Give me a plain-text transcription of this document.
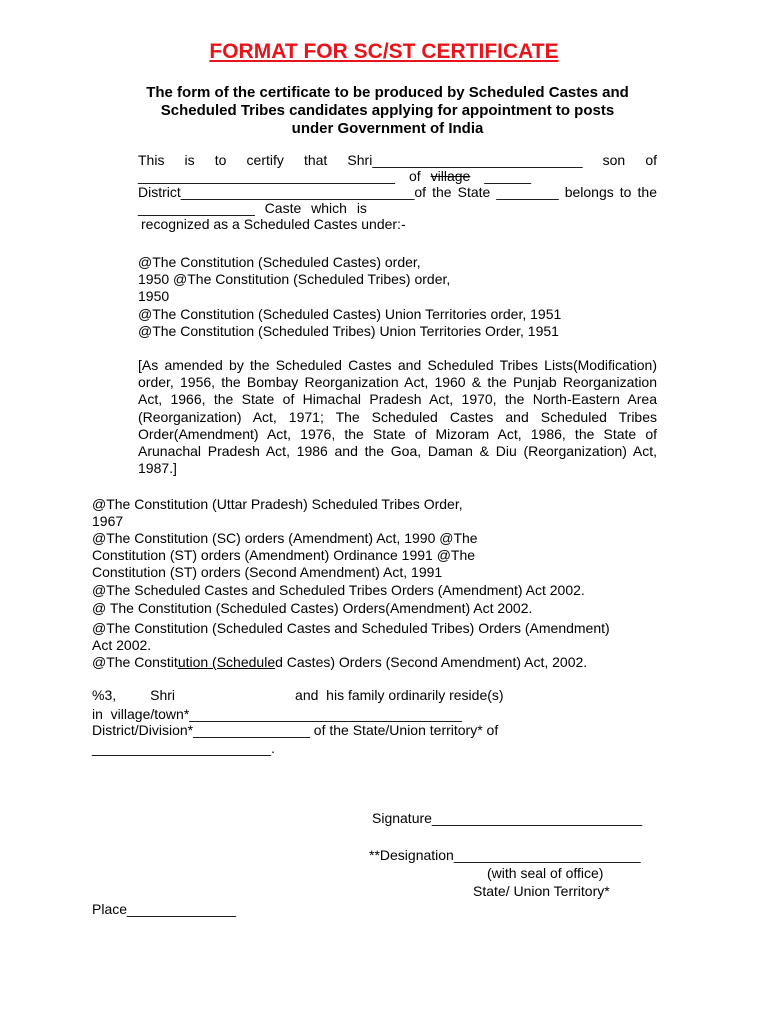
FORMAT FOR SC/ST CERTIFICATE
The form of the certificate to be produced by Scheduled Castes and
Scheduled Tribes candidates applying for appointment to posts
under Government of India
This is to certify that Shri___________________________ son of
_________________________________ of village ______
District______________________________of the State ________ belongs to the
_______________ Caste which is
recognized as a Scheduled Castes under:-
@The Constitution (Scheduled Castes) order,
1950 @The Constitution (Scheduled Tribes) order,
1950
@The Constitution (Scheduled Castes) Union Territories order, 1951
@The Constitution (Scheduled Tribes) Union Territories Order, 1951
[As amended by the Scheduled Castes and Scheduled Tribes Lists(Modification) order, 1956, the Bombay Reorganization Act, 1960 & the Punjab Reorganization Act, 1966, the State of Himachal Pradesh Act, 1970, the North-Eastern Area (Reorganization) Act, 1971; The Scheduled Castes and Scheduled Tribes Order(Amendment) Act, 1976, the State of Mizoram Act, 1986, the State of Arunachal Pradesh Act, 1986 and the Goa, Daman & Diu (Reorganization) Act, 1987.]
@The Constitution (Uttar Pradesh) Scheduled Tribes Order,
1967
@The Constitution (SC) orders (Amendment) Act, 1990 @The
Constitution (ST) orders (Amendment) Ordinance 1991 @The
Constitution (ST) orders (Second Amendment) Act, 1991
@The Scheduled Castes and Scheduled Tribes Orders (Amendment) Act 2002.
@ The Constitution (Scheduled Castes) Orders(Amendment) Act 2002.
@The Constitution (Scheduled Castes and Scheduled Tribes) Orders (Amendment)
Act 2002.
@The Constitution (Scheduled Castes) Orders (Second Amendment) Act, 2002.
%3, Shri	and  his family ordinarily reside(s)
in  village/town*___________________________________
District/Division*_______________ of the State/Union territory* of
_______________________.
Signature___________________________
**Designation________________________
(with seal of office)
State/ Union Territory*
Place______________
